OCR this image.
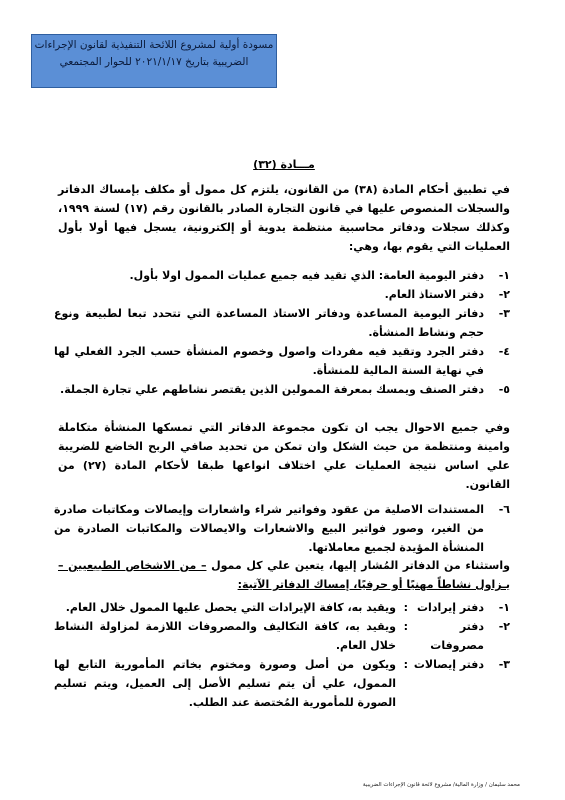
مسودة أولية لمشروع اللائحة التنفيذية لقانون الإجراءات
الضريبية بتاريخ ٢٠٢١/١/١٧ للحوار المجتمعي
مـــادة (٣٢)
في تطبيق أحكام المادة (٣٨) من القانون، يلتزم كل ممول أو مكلف بإمساك الدفاتر والسجلات المنصوص عليها في قانون التجارة الصادر بالقانون رقم (١٧) لسنة ١٩٩٩، وكذلك سجلات ودفاتر محاسبية منتظمة يدوية أو إلكترونية، يسجل فيها أولا بأول العمليات التي يقوم بها، وهي:
١-
دفتر اليومية العامة: الذي تقيد فيه جميع عمليات الممول اولا بأول.
٢-
دفتر الاستاذ العام.
٣-
دفاتر اليومية المساعدة ودفاتر الاستاذ المساعدة التي تتحدد تبعا لطبيعة ونوع حجم ونشاط المنشأة.
٤-
دفتر الجرد وتقيد فيه مفردات واصول وخصوم المنشأة حسب الجرد الفعلي لها في نهاية السنة المالية للمنشأة.
٥-
دفتر الصنف ويمسك بمعرفة الممولين الذين يقتصر نشاطهم علي تجارة الجملة.
وفي جميع الاحوال يجب ان تكون مجموعة الدفاتر التي تمسكها المنشأة متكاملة وامينة ومنتظمة من حيث الشكل وان تمكن من تحديد صافي الربح الخاضع للضريبة علي اساس نتيجة العمليات علي اختلاف انواعها طبقا لأحكام المادة (٢٧) من القانون.
٦-
المستندات الاصلية من عقود وفواتير شراء واشعارات وإيصالات ومكاتبات صادرة من الغير، وصور فواتير البيع والاشعارات والايصالات والمكاتبات الصادرة من المنشأة المؤيدة لجميع معاملاتها.
واستثناء من الدفاتر المُشار إليها، يتعين علي كل ممول – من الاشخاص الطبيعيين – يـزاول نشاطاً مهنيًا أو حرفيًا، إمساك الدفاتر الآتية:
١-
دفتر إيرادات
:
ويقيد به، كافة الإيرادات التي يحصل عليها الممول خلال العام.
٢-
دفتر مصروفات
:
ويقيد به، كافة التكاليف والمصروفات اللازمة لمزاولة النشاط خلال العام.
٣-
دفتر إيصالات
:
ويكون من أصل وصورة ومختوم بخاتم المأمورية التابع لها الممول، علي أن يتم تسليم الأصل إلى العميل، ويتم تسليم الصورة للمأمورية المُختصة عند الطلب.
محمد سليمان / وزارة المالية/ مشروع لائحة قانون الإجراءات الضريبية
